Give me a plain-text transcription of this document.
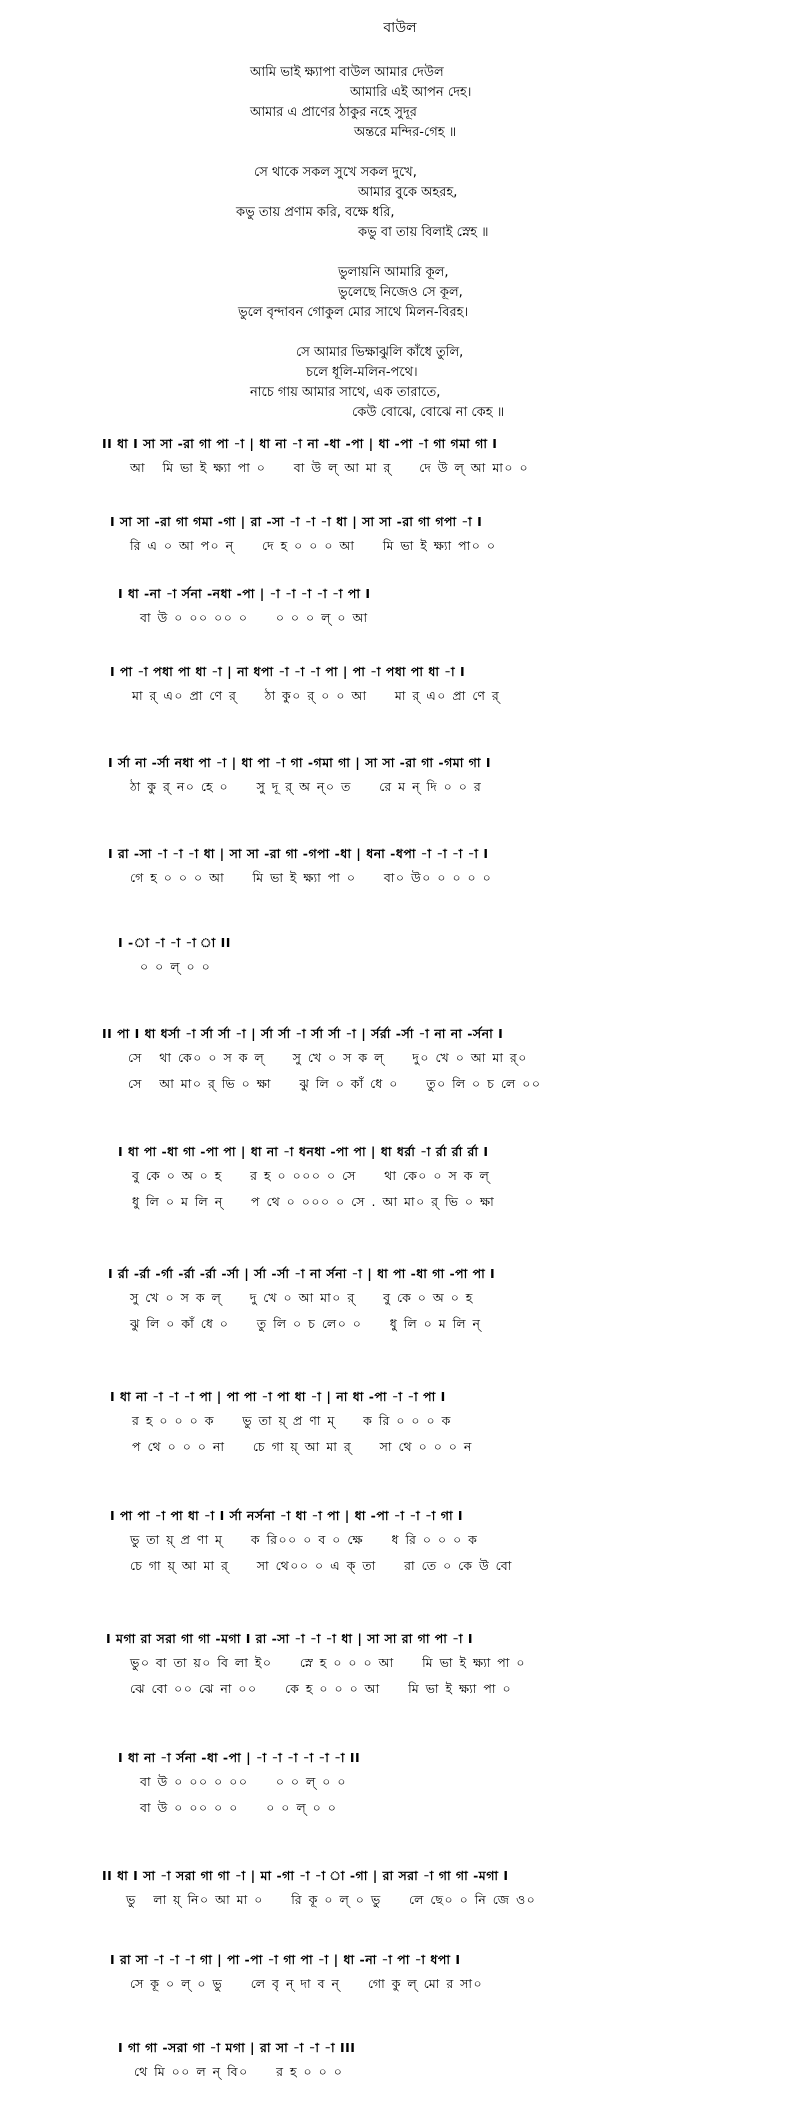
বাউল
আমি ভাই ক্ষ্যাপা বাউল আমার দেউল
আমারি এই আপন দেহ।
আমার এ প্রাণের ঠাকুর নহে সুদূর
অন্তরে মন্দির-গেহ ॥
সে থাকে সকল সুখে সকল দুখে,
আমার বুকে অহরহ,
কভু তায় প্রণাম করি, বক্ষে ধরি,
কভু বা তায় বিলাই স্নেহ ॥
ভুলায়নি আমারি কূল,
ভুলেছে নিজেও সে কূল,
ভুলে বৃন্দাবন গোকুল মোর সাথে মিলন-বিরহ।
সে আমার ভিক্ষাঝুলি কাঁধে তুলি,
চলে ধূলি-মলিন-পথে।
নাচে গায় আমার সাথে, এক তারাতে,
কেউ বোঝে, বোঝে না কেহ ॥
II ধা I সা সা -রা গা পা -া | ধা না -া না -ধা -পা | ধা -পা -া গা গমা গা I
আ   মি ভা ই ক্ষ্যা পা ০     বা উ ল্ আ মা র্     দে উ ল্ আ মা০ ০
I সা সা -রা গা গমা -গা | রা -সা -া -া -া ধা | সা সা -রা গা গপা -া I
রি এ ০ আ প০ ন্     দে হ ০ ০ ০ আ     মি ভা ই ক্ষ্যা পা০ ০
I ধা -না -া র্সনা -নধা -পা | -া -া -া -া -া পা I
বা উ ০ ০০ ০০ ০     ০ ০ ০ ল্ ০ আ
I পা -া পধা পা ধা -া | না ধপা -া -া -া পা | পা -া পধা পা ধা -া I
মা র্ এ০ প্রা ণে র্     ঠা কু০ র্ ০ ০ আ     মা র্ এ০ প্রা ণে র্
I র্সা না -র্সা নধা পা -া | ধা পা -া গা -গমা গা | সা সা -রা গা -গমা গা I
ঠা কু র্ ন০ হে ০     সু দূ র্ অ ন্০ ত     রে ম ন্ দি ০ ০ র
I রা -সা -া -া -া ধা | সা সা -রা গা -গপা -ধা | ধনা -ধপা -া -া -া -া I
গে হ ০ ০ ০ আ     মি ভা ই ক্ষ্যা পা ০     বা০ উ০ ০ ০ ০ ০
I -া -া -া -া া II
০ ০ ল্ ০ ০
II পা I ধা ধর্সা -া র্সা র্সা -া | র্সা র্সা -া র্সা র্সা -া | র্সর্রা -র্সা -া না না -র্সনা I
সে   থা কে০ ০ স ক ল্     সু খে ০ স ক ল্     দু০ খে ০ আ মা র্০
সে   আ মা০ র্ ভি ০ ক্ষা     ঝু লি ০ কাঁ ধে ০     তু০ লি ০ চ লে ০০
I ধা পা -ধা গা -পা পা | ধা না -া ধনধা -পা পা | ধা ধর্রা -া র্রা র্রা র্রা I
বু কে ০ অ ০ হ     র হ ০ ০০০ ০ সে     থা কে০ ০ স ক ল্
ধু লি ০ ম লি ন্     প থে ০ ০০০ ০ সে . আ মা০ র্ ভি ০ ক্ষা
I র্রা -র্রা -র্গা -র্রা -র্রা -র্সা | র্সা -র্সা -া না র্সনা -া | ধা পা -ধা গা -পা পা I
সু খে ০ স ক ল্     দু খে ০ আ মা০ র্     বু কে ০ অ ০ হ
ঝু লি ০ কাঁ ধে ০     তু লি ০ চ লে০ ০     ধু লি ০ ম লি ন্
I ধা না -া -া -া পা | পা পা -া পা ধা -া | না ধা -পা -া -া পা I
র হ ০ ০ ০ ক     ভু তা য়্ প্র ণা ম্     ক রি ০ ০ ০ ক
প থে ০ ০ ০ না     চে গা য়্ আ মা র্     সা থে ০ ০ ০ ন
I পা পা -া পা ধা -া I র্সা নর্সনা -া ধা -া পা | ধা -পা -া -া -া গা I
ভু তা য়্ প্র ণা ম্     ক রি০০ ০ ব ০ ক্ষে     ধ রি ০ ০ ০ ক
চে গা য়্ আ মা র্     সা থে০০ ০ এ ক্ তা     রা তে ০ কে উ বো
I মগা রা সরা গা গা -মগা I রা -সা -া -া -া ধা | সা সা রা গা পা -া I
ভু০ বা তা য়০ বি লা ই০     স্নে হ ০ ০ ০ আ     মি ভা ই ক্ষ্যা পা ০
ঝে বো ০০ ঝে না ০০     কে হ ০ ০ ০ আ     মি ভা ই ক্ষ্যা পা ০
I ধা না -া র্সনা -ধা -পা | -া -া -া -া -া -া II
বা উ ০ ০০ ০ ০০     ০ ০ ল্ ০ ০
বা উ ০ ০০ ০ ০     ০ ০ ল্ ০ ০
II ধা I সা -া সরা গা গা -া | মা -গা -া -া া -গা | রা সরা -া গা গা -মগা I
ভু   লা য়্ নি০ আ মা ০     রি কূ ০ ল্ ০ ভু     লে ছে০ ০ নি জে ও০
I রা সা -া -া -া গা | পা -পা -া গা পা -া | ধা -না -া পা -া ধপা I
সে কূ ০ ল্ ০ ভু     লে বৃ ন্ দা ব ন্     গো কু ল্ মো র সা০
I গা গা -সরা গা -া মগা | রা সা -া -া -া III
থে মি ০০ ল ন্ বি০     র হ ০ ০ ০
